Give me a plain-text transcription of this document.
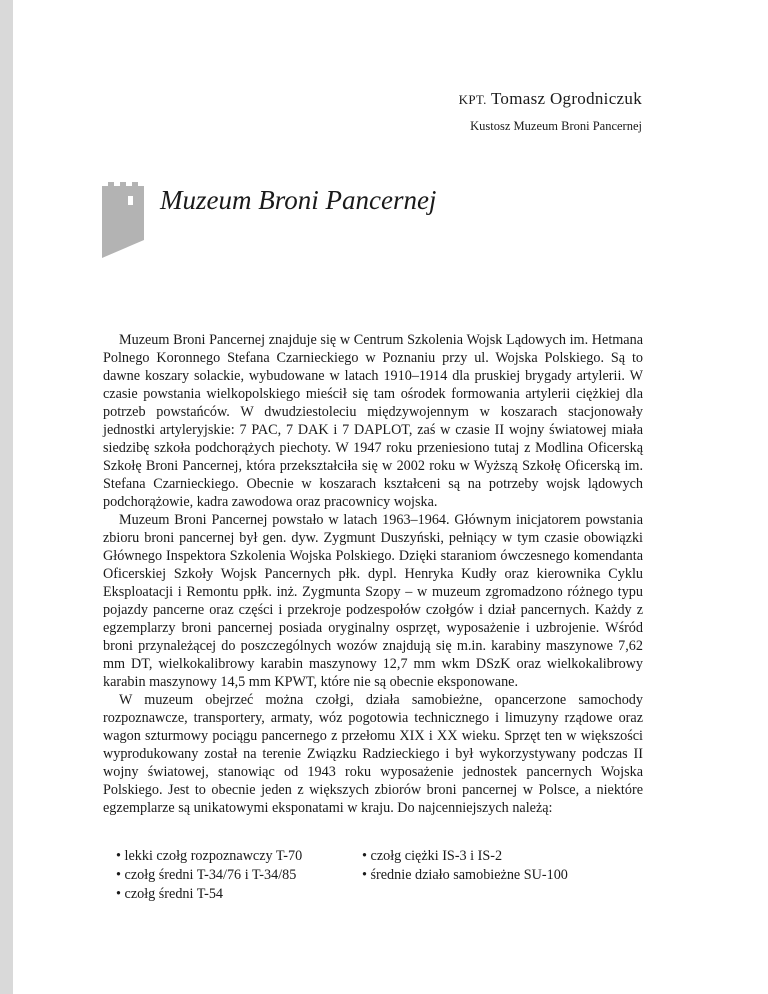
KPT. Tomasz Ogrodniczuk
Kustosz Muzeum Broni Pancernej
Muzeum Broni Pancernej

Muzeum Broni Pancernej znajduje się w Centrum Szkolenia Wojsk Lądowych im. Hetmana Polnego Koronnego Stefana Czarnieckiego w Poznaniu przy ul. Wojska Polskiego. Są to dawne koszary solackie, wybudowane w latach 1910–1914 dla pruskiej brygady artylerii. W czasie powstania wielkopolskiego mieścił się tam ośrodek formowania artylerii ciężkiej dla potrzeb powstańców. W dwudziestoleciu międzywojennym w koszarach stacjonowały jednostki artyleryjskie: 7 PAC, 7 DAK i 7 DAPLOT, zaś w czasie II wojny światowej miała siedzibę szkoła podchorążych piechoty. W 1947 roku przeniesiono tutaj z Modlina Oficerską Szkołę Broni Pancernej, która przekształciła się w 2002 roku w Wyższą Szkołę Oficerską im. Stefana Czarnieckiego. Obecnie w koszarach kształceni są na potrzeby wojsk lądowych podchorążowie, kadra zawodowa oraz pracownicy wojska.

Muzeum Broni Pancernej powstało w latach 1963–1964. Głównym inicjatorem powstania zbioru broni pancernej był gen. dyw. Zygmunt Duszyński, pełniący w tym czasie obowiązki Głównego Inspektora Szkolenia Wojska Polskiego. Dzięki staraniom ówczesnego komendanta Oficerskiej Szkoły Wojsk Pancernych płk. dypl. Henryka Kudły oraz kierownika Cyklu Eksploatacji i Remontu ppłk. inż. Zygmunta Szopy – w muzeum zgromadzono różnego typu pojazdy pancerne oraz części i przekroje podzespołów czołgów i dział pancernych. Każdy z egzemplarzy broni pancernej posiada oryginalny osprzęt, wyposażenie i uzbrojenie. Wśród broni przynależącej do poszczególnych wozów znajdują się m.in. karabiny maszynowe 7,62 mm DT, wielkokalibrowy karabin maszynowy 12,7 mm wkm DSzK oraz wielkokalibrowy karabin maszynowy 14,5 mm KPWT, które nie są obecnie eksponowane.

W muzeum obejrzeć można czołgi, działa samobieżne, opancerzone samochody rozpoznawcze, transportery, armaty, wóz pogotowia technicznego i limuzyny rządowe oraz wagon szturmowy pociągu pancernego z przełomu XIX i XX wieku. Sprzęt ten w większości wyprodukowany został na terenie Związku Radzieckiego i był wykorzystywany podczas II wojny światowej, stanowiąc od 1943 roku wyposażenie jednostek pancernych Wojska Polskiego. Jest to obecnie jeden z większych zbiorów broni pancernej w Polsce, a niektóre egzemplarze są unikatowymi eksponatami w kraju. Do najcenniejszych należą:

• lekki czołg rozpoznawczy T-70
• czołg średni T-34/76 i T-34/85
• czołg średni T-54
• czołg ciężki IS-3 i IS-2
• średnie działo samobieżne SU-100
